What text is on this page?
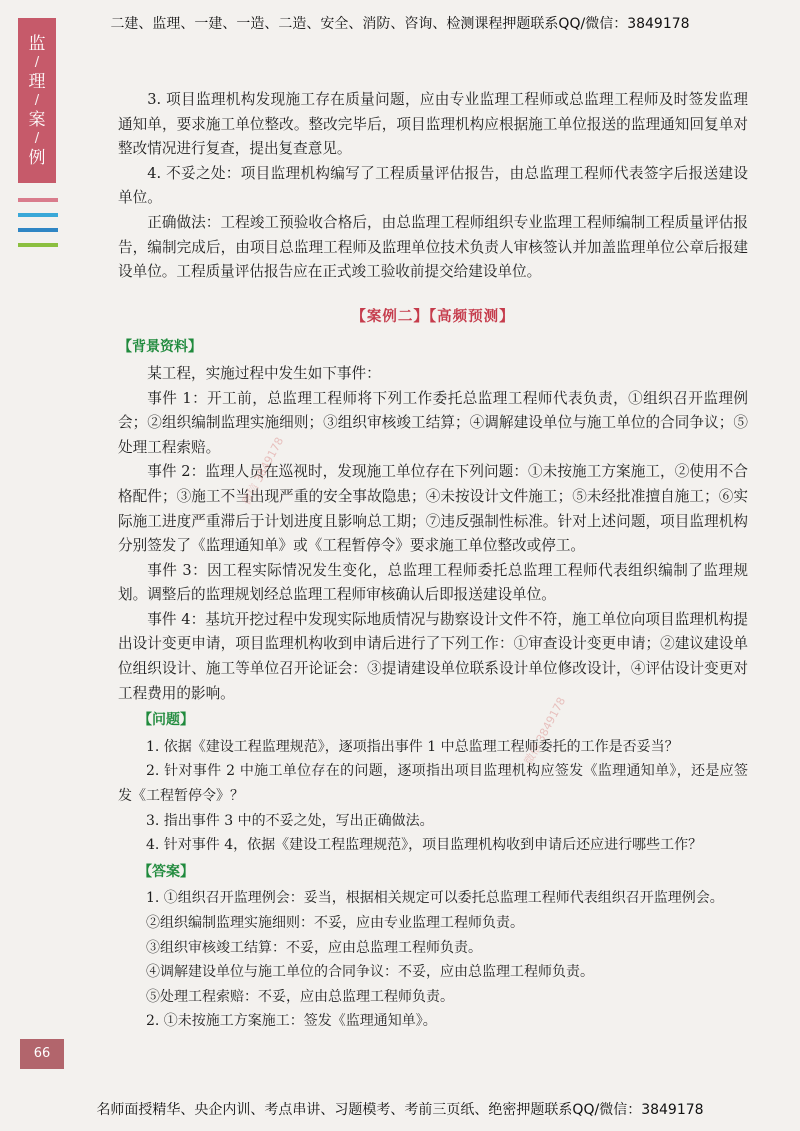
二建、监理、一建、一造、二造、安全、消防、咨询、检测课程押题联系QQ/微信：3849178
监
/
理
/
案
/
例

3. 项目监理机构发现施工存在质量问题，应由专业监理工程师或总监理工程师及时签发监理通知单，要求施工单位整改。整改完毕后，项目监理机构应根据施工单位报送的监理通知回复单对整改情况进行复查，提出复查意见。

4. 不妥之处：项目监理机构编写了工程质量评估报告，由总监理工程师代表签字后报送建设单位。

正确做法：工程竣工预验收合格后，由总监理工程师组织专业监理工程师编制工程质量评估报告，编制完成后，由项目总监理工程师及监理单位技术负责人审核签认并加盖监理单位公章后报建设单位。工程质量评估报告应在正式竣工验收前提交给建设单位。

【案例二】【高频预测】
【背景资料】

某工程，实施过程中发生如下事件：

事件 1：开工前，总监理工程师将下列工作委托总监理工程师代表负责，①组织召开监理例会；②组织编制监理实施细则；③组织审核竣工结算；④调解建设单位与施工单位的合同争议；⑤处理工程索赔。

事件 2：监理人员在巡视时，发现施工单位存在下列问题：①未按施工方案施工，②使用不合格配件；③施工不当出现严重的安全事故隐患；④未按设计文件施工；⑤未经批准擅自施工；⑥实际施工进度严重滞后于计划进度且影响总工期；⑦违反强制性标准。针对上述问题，项目监理机构分别签发了《监理通知单》或《工程暂停令》要求施工单位整改或停工。

事件 3：因工程实际情况发生变化，总监理工程师委托总监理工程师代表组织编制了监理规划。调整后的监理规划经总监理工程师审核确认后即报送建设单位。

事件 4：基坑开挖过程中发现实际地质情况与勘察设计文件不符，施工单位向项目监理机构提出设计变更申请，项目监理机构收到申请后进行了下列工作：①审查设计变更申请；②建议建设单位组织设计、施工等单位召开论证会：③提请建设单位联系设计单位修改设计，④评估设计变更对工程费用的影响。

【问题】

1. 依据《建设工程监理规范》，逐项指出事件 1 中总监理工程师委托的工作是否妥当？

2. 针对事件 2 中施工单位存在的问题，逐项指出项目监理机构应签发《监理通知单》，还是应签发《工程暂停令》？

3. 指出事件 3 中的不妥之处，写出正确做法。

4. 针对事件 4，依据《建设工程监理规范》，项目监理机构收到申请后还应进行哪些工作？

【答案】

1. ①组织召开监理例会：妥当，根据相关规定可以委托总监理工程师代表组织召开监理例会。

②组织编制监理实施细则：不妥，应由专业监理工程师负责。

③组织审核竣工结算：不妥，应由总监理工程师负责。

④调解建设单位与施工单位的合同争议：不妥，应由总监理工程师负责。

⑤处理工程索赔：不妥，应由总监理工程师负责。

2. ①未按施工方案施工：签发《监理通知单》。

微信 3849178
微信 3849178
66
名师面授精华、央企内训、考点串讲、习题模考、考前三页纸、绝密押题联系QQ/微信：3849178
